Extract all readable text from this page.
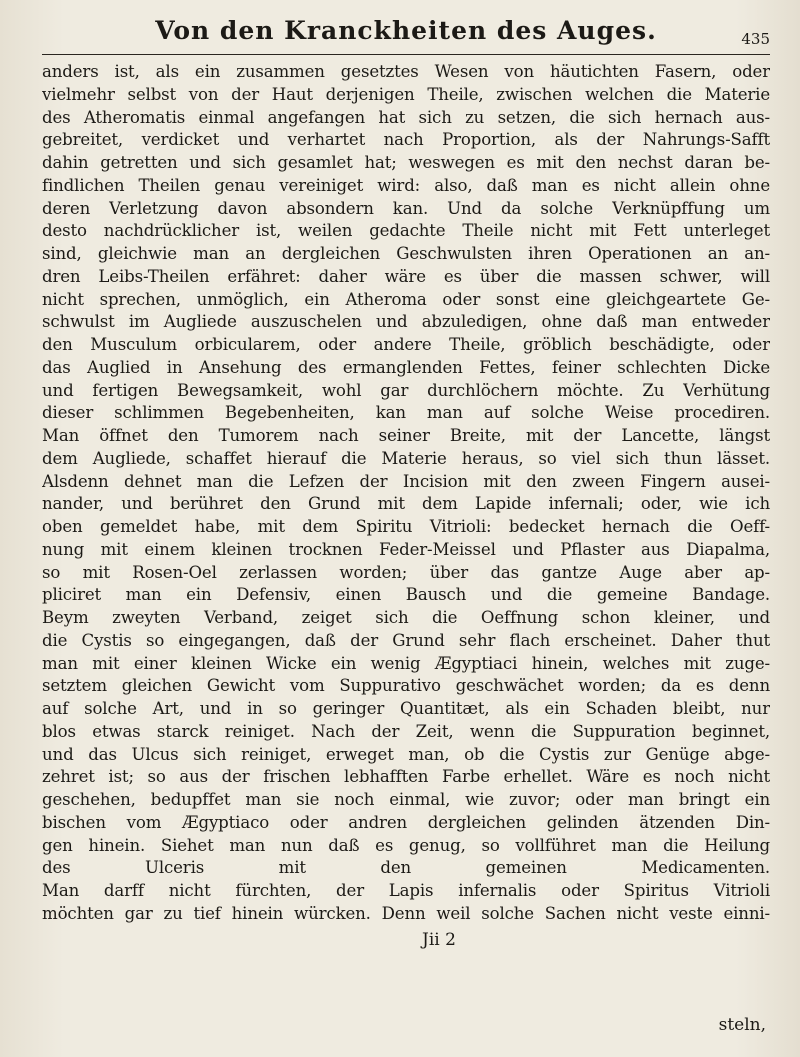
Von den Kranckheiten des Auges.	435
anders ist, als ein zusammen gesetztes Wesen von häutichten Fasern, oder
vielmehr selbst von der Haut derjenigen Theile, zwischen welchen die Materie
des Atheromatis einmal angefangen hat sich zu setzen, die sich hernach aus-
gebreitet, verdicket und verhartet nach Proportion, als der Nahrungs-Safft
dahin getretten und sich gesamlet hat; weswegen es mit den nechst daran be-
findlichen Theilen genau vereiniget wird: also, daß man es nicht allein ohne
deren Verletzung davon absondern kan. Und da solche Verknüpffung um
desto nachdrücklicher ist, weilen gedachte Theile nicht mit Fett unterleget
sind, gleichwie man an dergleichen Geschwulsten ihren Operationen an an-
dren Leibs-Theilen erfähret: daher wäre es über die massen schwer, will
nicht sprechen, unmöglich, ein Atheroma oder sonst eine gleichgeartete Ge-
schwulst im Augliede auszuschelen und abzuledigen, ohne daß man entweder
den Musculum orbicularem, oder andere Theile, gröblich beschädigte, oder
das Auglied in Ansehung des ermanglenden Fettes, feiner schlechten Dicke
und fertigen Bewegsamkeit, wohl gar durchlöchern möchte. Zu Verhütung
dieser schlimmen Begebenheiten, kan man auf solche Weise procediren.
Man öffnet den Tumorem nach seiner Breite, mit der Lancette, längst
dem Augliede, schaffet hierauf die Materie heraus, so viel sich thun lässet.
Alsdenn dehnet man die Lefzen der Incision mit den zween Fingern ausei-
nander, und berühret den Grund mit dem Lapide infernali; oder, wie ich
oben gemeldet habe, mit dem Spiritu Vitrioli: bedecket hernach die Oeff-
nung mit einem kleinen trocknen Feder-Meissel und Pflaster aus Diapalma,
so mit Rosen-Oel zerlassen worden; über das gantze Auge aber ap-
pliciret man ein Defensiv, einen Bausch und die gemeine Bandage.
Beym zweyten Verband, zeiget sich die Oeffnung schon kleiner, und
die Cystis so eingegangen, daß der Grund sehr flach erscheinet. Daher thut
man mit einer kleinen Wicke ein wenig Ægyptiaci hinein, welches mit zuge-
setztem gleichen Gewicht vom Suppurativo geschwächet worden; da es denn
auf solche Art, und in so geringer Quantitæt, als ein Schaden bleibt, nur
blos etwas starck reiniget. Nach der Zeit, wenn die Suppuration beginnet,
und das Ulcus sich reiniget, erweget man, ob die Cystis zur Genüge abge-
zehret ist; so aus der frischen lebhafften Farbe erhellet. Wäre es noch nicht
geschehen, bedupffet man sie noch einmal, wie zuvor; oder man bringt ein
bischen vom Ægyptiaco oder andren dergleichen gelinden ätzenden Din-
gen hinein. Siehet man nun daß es genug, so vollführet man die Heilung
des Ulceris mit den gemeinen Medicamenten.
Man darff nicht fürchten, der Lapis infernalis oder Spiritus Vitrioli
möchten gar zu tief hinein würcken. Denn weil solche Sachen nicht veste einni-
Jii 2
steln,
